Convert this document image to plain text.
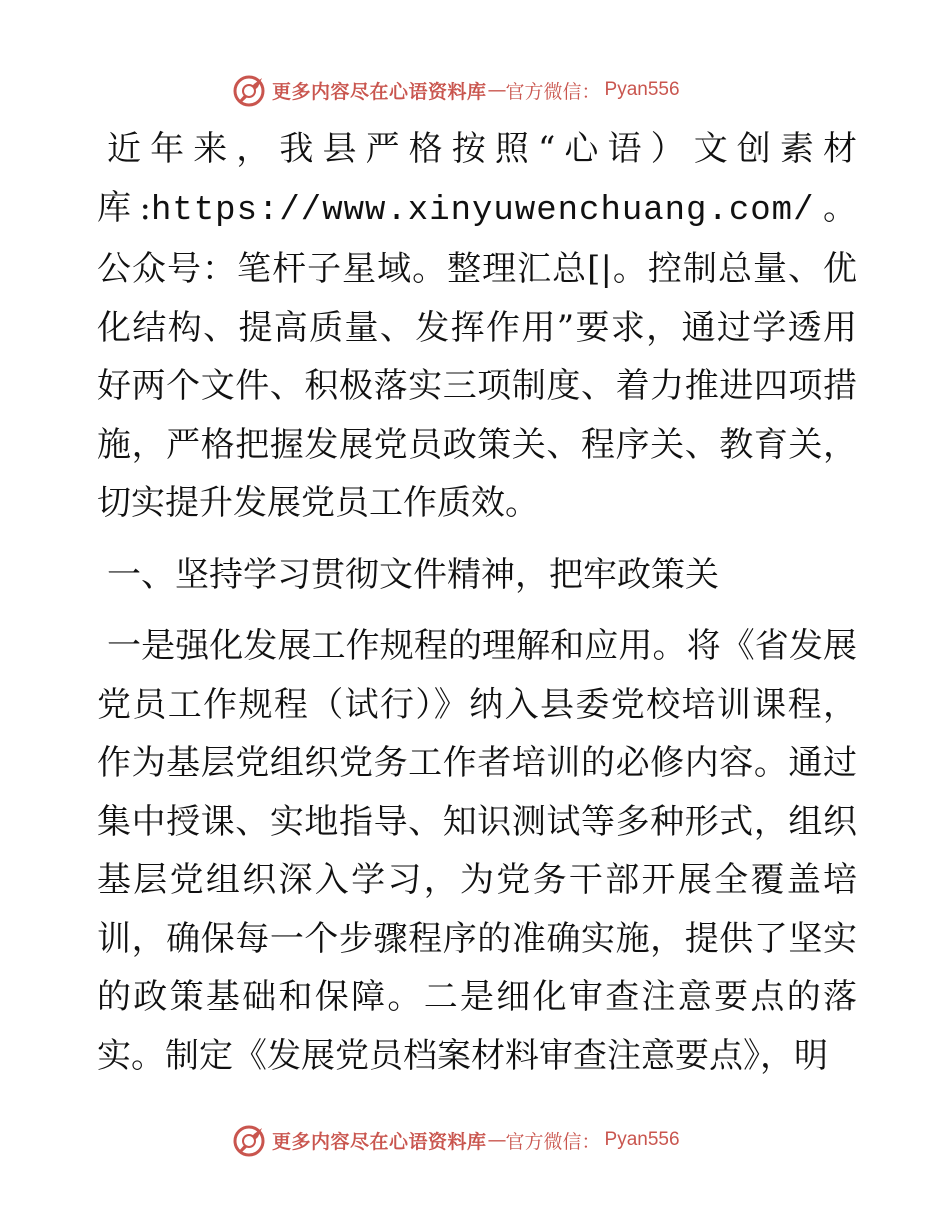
更多内容尽在心语资料库 — 官方微信： Pyan556

近年来，我县严格按照“心语）文创素材库:https://www.xinyuwenchuang.com/。公众号：笔杆子星域。整理汇总[|。控制总量、优化结构、提高质量、发挥作用”要求，通过学透用好两个文件、积极落实三项制度、着力推进四项措施，严格把握发展党员政策关、程序关、教育关，切实提升发展党员工作质效。

一、坚持学习贯彻文件精神，把牢政策关

一是强化发展工作规程的理解和应用。将《省发展党员工作规程（试行）》纳入县委党校培训课程，作为基层党组织党务工作者培训的必修内容。通过集中授课、实地指导、知识测试等多种形式，组织基层党组织深入学习，为党务干部开展全覆盖培训，确保每一个步骤程序的准确实施，提供了坚实的政策基础和保障。二是细化审查注意要点的落实。制定《发展党员档案材料审查注意要点》，明

更多内容尽在心语资料库 — 官方微信： Pyan556
